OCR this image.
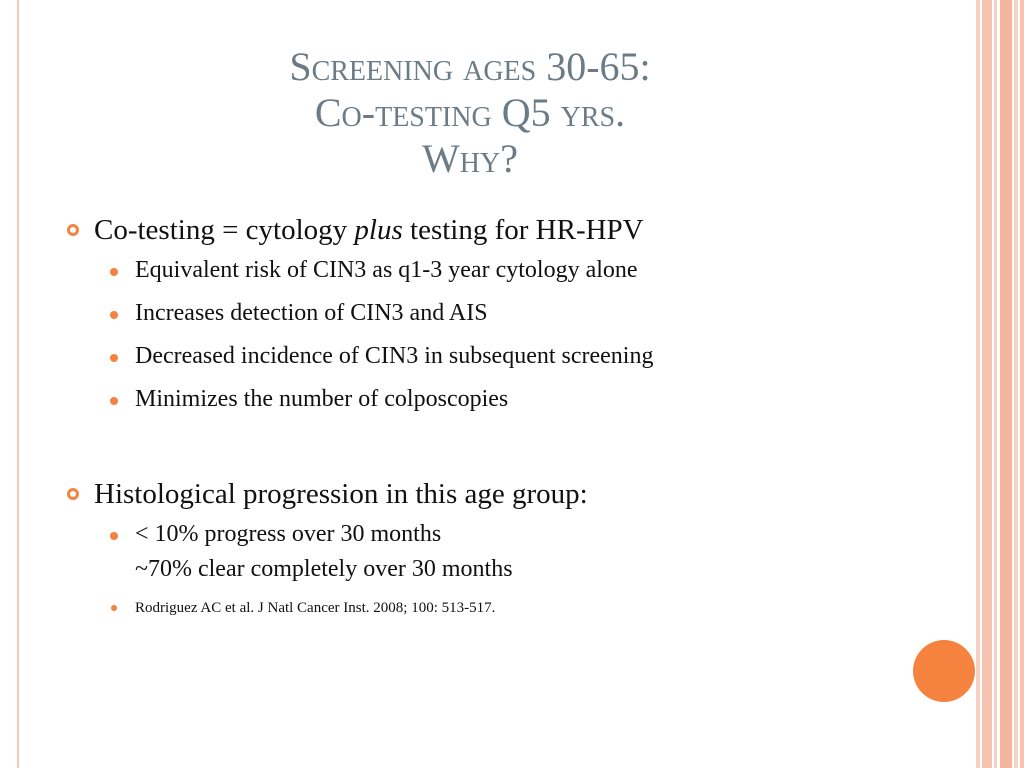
Screening ages 30-65:
Co-testing Q5 yrs.
Why?
Co-testing = cytology plus testing for HR-HPV
Equivalent risk of CIN3 as q1-3 year cytology alone
Increases detection of CIN3 and AIS
Decreased incidence of CIN3 in subsequent screening
Minimizes the number of colposcopies
Histological progression in this age group:
< 10% progress over 30 months
~70% clear completely over 30 months
Rodriguez AC et al. J Natl Cancer Inst. 2008; 100: 513-517.
